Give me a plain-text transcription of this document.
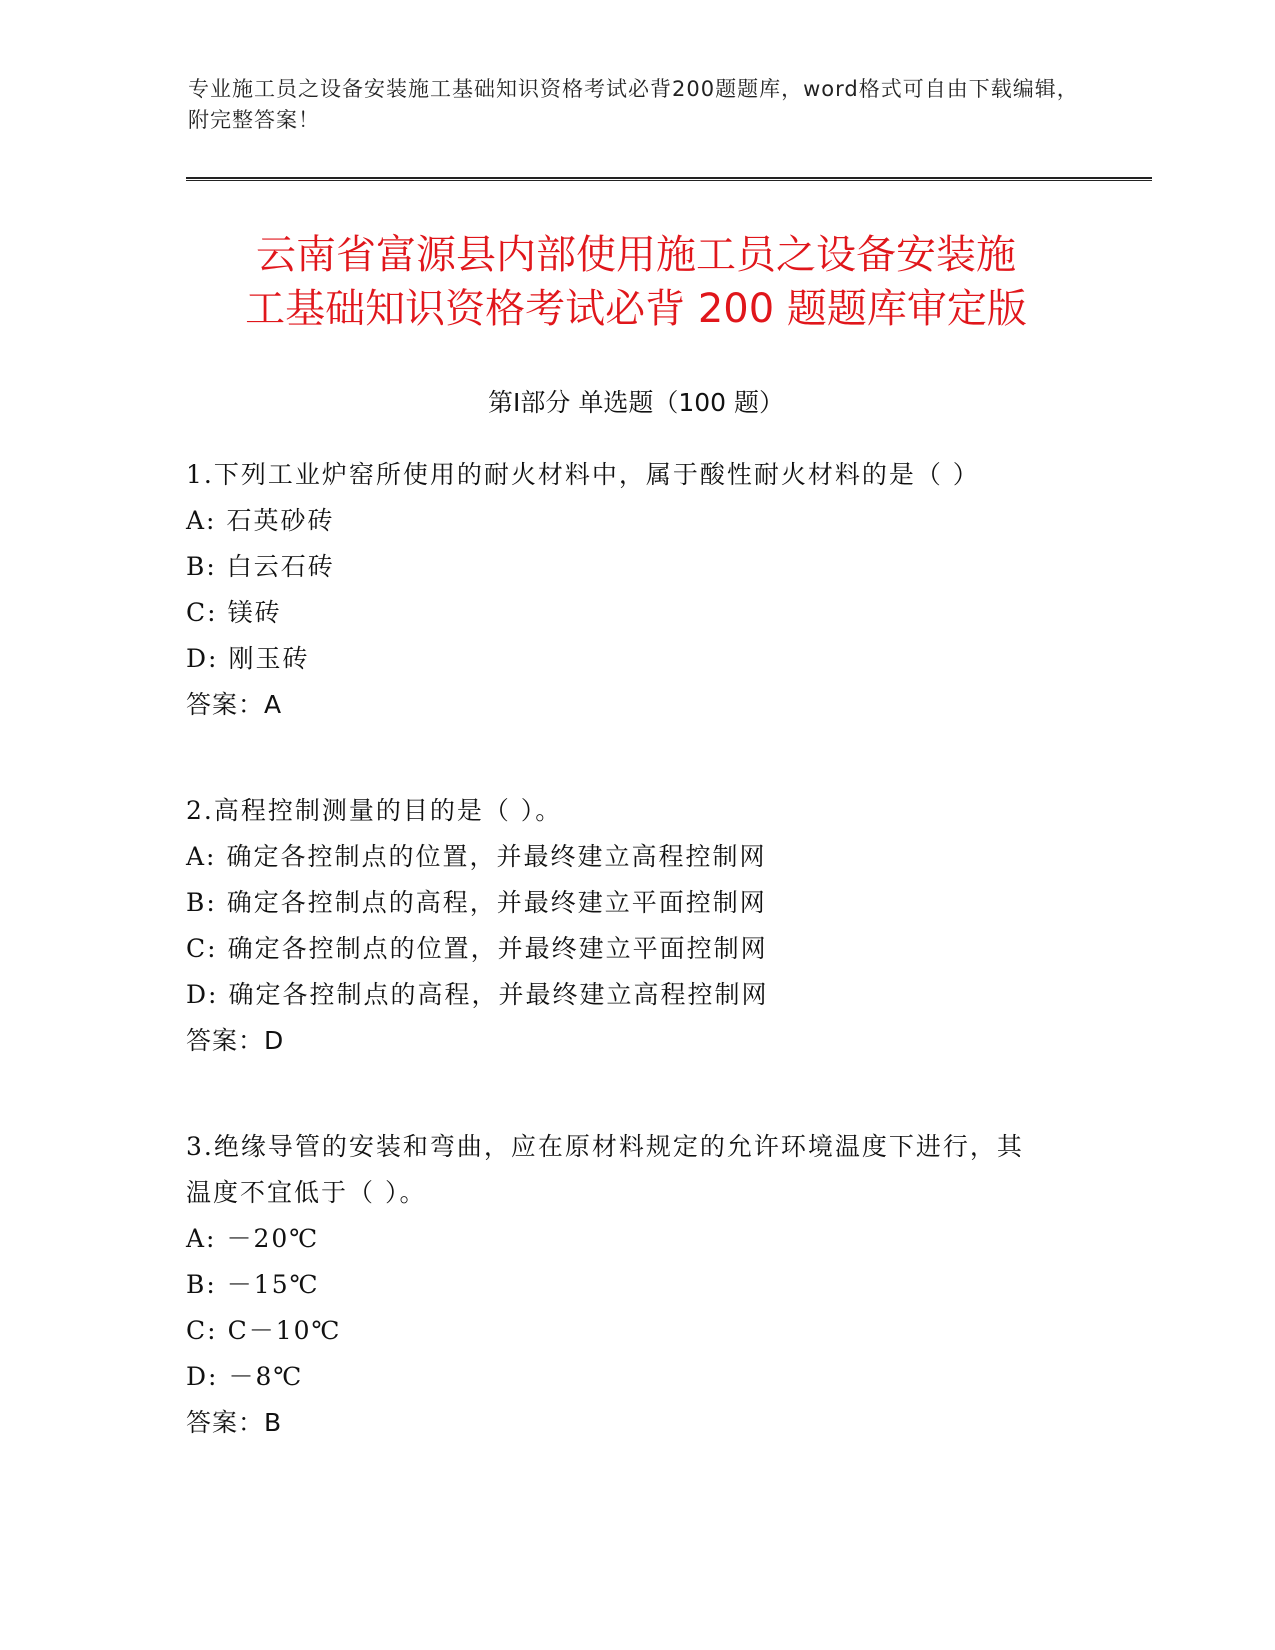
专业施工员之设备安装施工基础知识资格考试必背200题题库，word格式可自由下载编辑，附完整答案！
云南省富源县内部使用施工员之设备安装施
工基础知识资格考试必背 200 题题库审定版
第Ⅰ部分 单选题（100 题）
1.下列工业炉窑所使用的耐火材料中，属于酸性耐火材料的是（ ）
A: 石英砂砖
B: 白云石砖
C: 镁砖
D: 刚玉砖
答案：A
2.高程控制测量的目的是（ ）。
A: 确定各控制点的位置，并最终建立高程控制网
B: 确定各控制点的高程，并最终建立平面控制网
C: 确定各控制点的位置，并最终建立平面控制网
D: 确定各控制点的高程，并最终建立高程控制网
答案：D
3.绝缘导管的安装和弯曲，应在原材料规定的允许环境温度下进行，其温度不宜低于（ ）。
A: －20℃
B: －15℃
C: C－10℃
D: －8℃
答案：B
